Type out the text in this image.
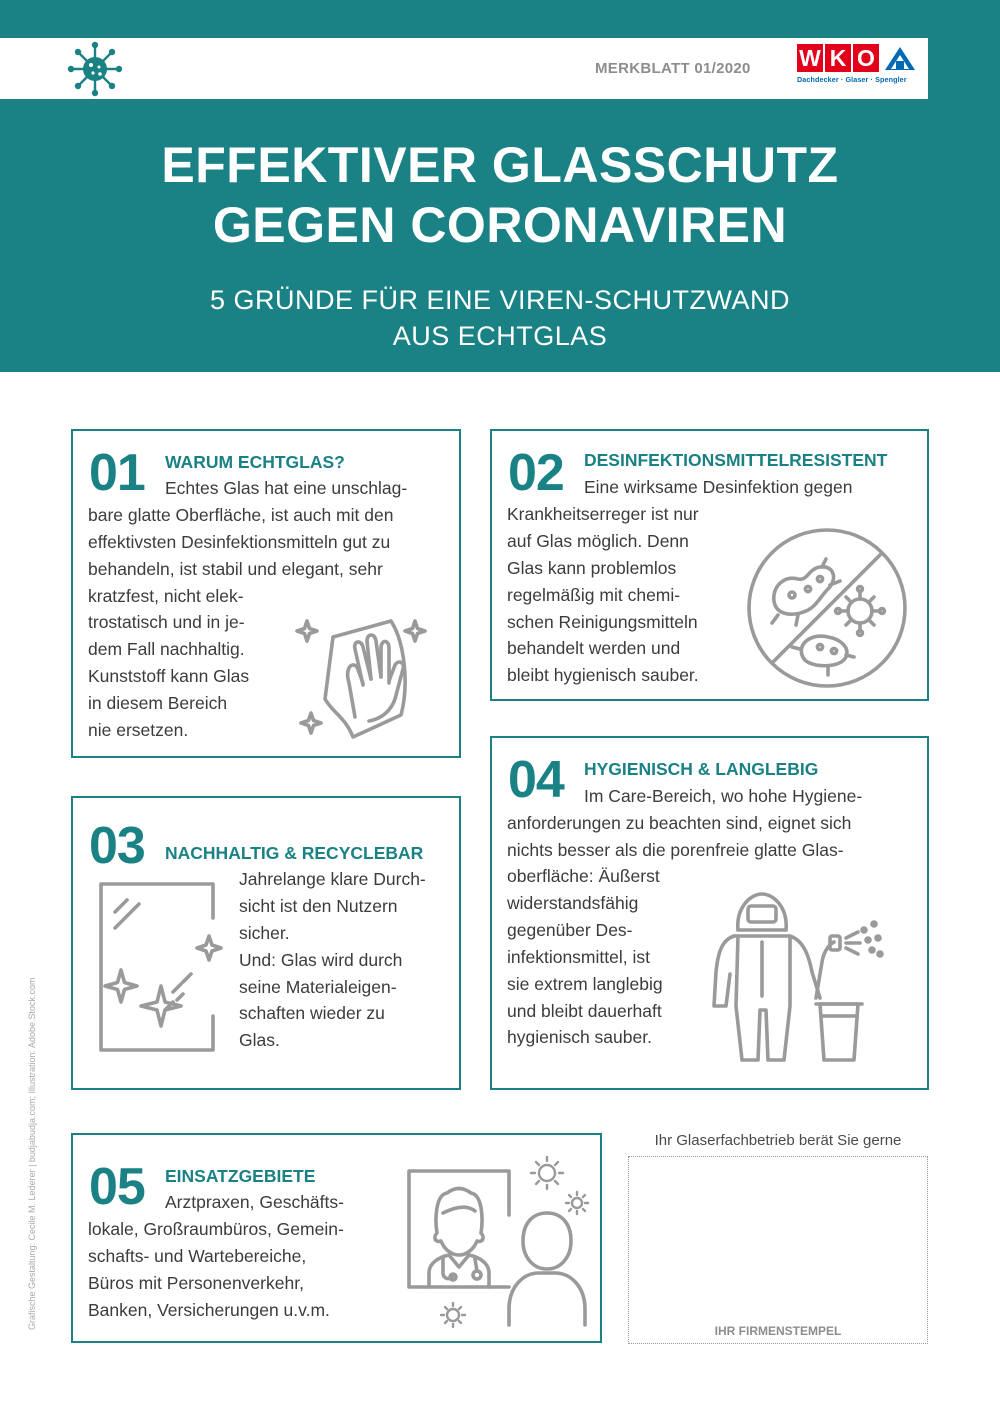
MERKBLATT 01/2020 W K O
Dachdecker · Glaser · Spengler
EFFEKTIVER GLASSCHUTZ
GEGEN CORONAVIREN
5 GRÜNDE FÜR EINE VIREN-SCHUTZWAND
AUS ECHTGLAS
01 WARUM ECHTGLAS?
Echtes Glas hat eine unschlag-
bare glatte Oberfläche, ist auch mit den
effektivsten Desinfektionsmitteln gut zu
behandeln, ist stabil und elegant, sehr
kratzfest, nicht elek-
trostatisch und in je-
dem Fall nachhaltig.
Kunststoff kann Glas
in diesem Bereich
nie ersetzen.
02 DESINFEKTIONSMITTELRESISTENT
Eine wirksame Desinfektion gegen
Krankheitserreger ist nur
auf Glas möglich. Denn
Glas kann problemlos
regelmäßig mit chemi-
schen Reinigungsmitteln
behandelt werden und
bleibt hygienisch sauber.
03 NACHHALTIG & RECYCLEBAR
Jahrelange klare Durch-
sicht ist den Nutzern
sicher.
Und: Glas wird durch
seine Materialeigen-
schaften wieder zu
Glas.
04 HYGIENISCH & LANGLEBIG
Im Care-Bereich, wo hohe Hygiene-
anforderungen zu beachten sind, eignet sich
nichts besser als die porenfreie glatte Glas-
oberfläche: Äußerst
widerstandsfähig
gegenüber Des-
infektionsmittel, ist
sie extrem langlebig
und bleibt dauerhaft
hygienisch sauber.
05 EINSATZGEBIETE
Arztpraxen, Geschäfts-
lokale, Großraumbüros, Gemein-
schafts- und Wartebereiche,
Büros mit Personenverkehr,
Banken, Versicherungen u.v.m.
Ihr Glaserfachbetrieb berät Sie gerne
IHR FIRMENSTEMPEL
Grafische Gestaltung: Cecile M. Lederer | budjabudja.com; Illustration: Adobe.Stock.com
